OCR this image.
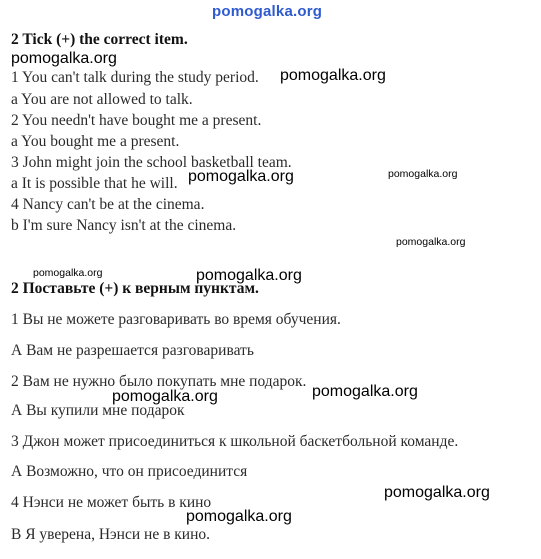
2 Tick (+) the correct item.
1 You can't talk during the study period.
a You are not allowed to talk.
2 You needn't have bought me a present.
a You bought me a present.
3 John might join the school basketball team.
a It is possible that he will.
4 Nancy can't be at the cinema.
b I'm sure Nancy isn't at the cinema.
2 Поставьте (+) к верным пунктам.
1 Вы не можете разговаривать во время обучения.
А Вам не разрешается разговаривать
2 Вам не нужно было покупать мне подарок.
А Вы купили мне подарок
3 Джон может присоединиться к школьной баскетбольной команде.
А Возможно, что он присоединится
4 Нэнси не может быть в кино
В Я уверена, Нэнси не в кино.
pomogalka.org
pomogalka.org
pomogalka.org
pomogalka.org	pomogalka.org
pomogalka.org
pomogalka.org	pomogalka.org
pomogalka.org	pomogalka.org
pomogalka.org
pomogalka.org
